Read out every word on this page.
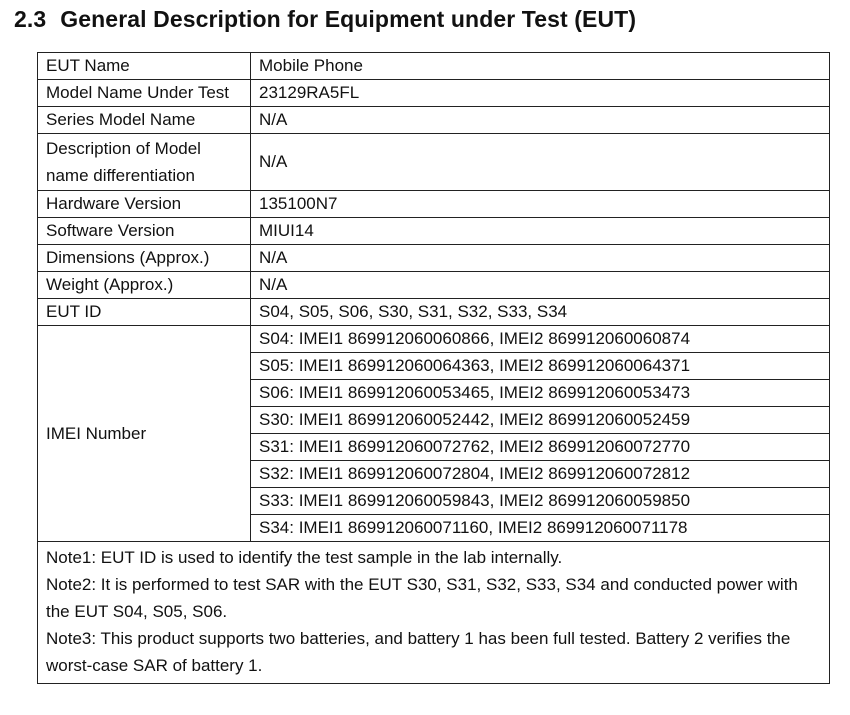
2.3 General Description for Equipment under Test (EUT)
EUT Name	Mobile Phone
Model Name Under Test	23129RA5FL
Series Model Name	N/A
Description of Model name differentiation	N/A
Hardware Version	135100N7
Software Version	MIUI14
Dimensions (Approx.)	N/A
Weight (Approx.)	N/A
EUT ID	S04, S05, S06, S30, S31, S32, S33, S34
IMEI Number	S04: IMEI1 869912060060866, IMEI2 869912060060874
	S05: IMEI1 869912060064363, IMEI2 869912060064371
	S06: IMEI1 869912060053465, IMEI2 869912060053473
	S30: IMEI1 869912060052442, IMEI2 869912060052459
	S31: IMEI1 869912060072762, IMEI2 869912060072770
	S32: IMEI1 869912060072804, IMEI2 869912060072812
	S33: IMEI1 869912060059843, IMEI2 869912060059850
	S34: IMEI1 869912060071160, IMEI2 869912060071178

Note1: EUT ID is used to identify the test sample in the lab internally.
Note2: It is performed to test SAR with the EUT S30, S31, S32, S33, S34 and conducted power with the EUT S04, S05, S06.
Note3: This product supports two batteries, and battery 1 has been full tested. Battery 2 verifies the worst-case SAR of battery 1.	
